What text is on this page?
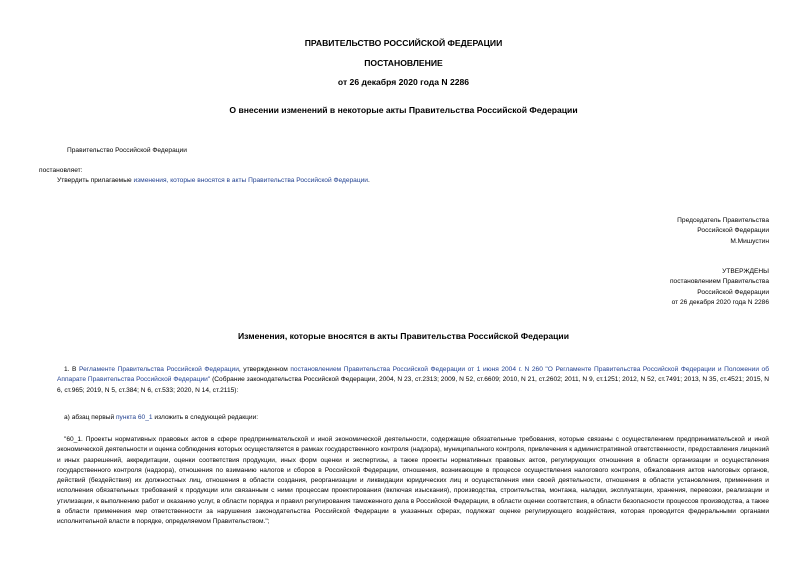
ПРАВИТЕЛЬСТВО РОССИЙСКОЙ ФЕДЕРАЦИИ
ПОСТАНОВЛЕНИЕ
от 26 декабря 2020 года N 2286
О внесении изменений в некоторые акты Правительства Российской Федерации
Правительство Российской Федерации
постановляет:
Утвердить прилагаемые изменения, которые вносятся в акты Правительства Российской Федерации.
Председатель Правительства
Российской Федерации
М.Мишустин
УТВЕРЖДЕНЫ
постановлением Правительства
Российской Федерации
от 26 декабря 2020 года N 2286
Изменения, которые вносятся в акты Правительства Российской Федерации
1. В Регламенте Правительства Российской Федерации, утвержденном постановлением Правительства Российской Федерации от 1 июня 2004 г. N 260 "О Регламенте Правительства Российской Федерации и Положении об Аппарате Правительства Российской Федерации" (Собрание законодательства Российской Федерации, 2004, N 23, ст.2313; 2009, N 52, ст.6609; 2010, N 21, ст.2602; 2011, N 9, ст.1251; 2012, N 52, ст.7491; 2013, N 35, ст.4521; 2015, N 6, ст.965; 2019, N 5, ст.384; N 6, ст.533; 2020, N 14, ст.2115):
а) абзац первый пункта 60_1 изложить в следующей редакции:
"60_1. Проекты нормативных правовых актов в сфере предпринимательской и иной экономической деятельности, содержащие обязательные требования, которые связаны с осуществлением предпринимательской и иной экономической деятельности и оценка соблюдения которых осуществляется в рамках государственного контроля (надзора), муниципального контроля, привлечения к административной ответственности, предоставления лицензий и иных разрешений, аккредитации, оценки соответствия продукции, иных форм оценки и экспертизы, а также проекты нормативных правовых актов, регулирующих отношения в области организации и осуществления государственного контроля (надзора), отношения по взиманию налогов и сборов в Российской Федерации, отношения, возникающие в процессе осуществления налогового контроля, обжалования актов налоговых органов, действий (бездействия) их должностных лиц, отношения в области создания, реорганизации и ликвидации юридических лиц и осуществления ими своей деятельности, отношения в области установления, применения и исполнения обязательных требований к продукции или связанным с ними процессам проектирования (включая изыскания), производства, строительства, монтажа, наладки, эксплуатации, хранения, перевозки, реализации и утилизации, к выполнению работ и оказанию услуг, в области порядка и правил регулирования таможенного дела в Российской Федерации, в области оценки соответствия, в области безопасности процессов производства, а также в области применения мер ответственности за нарушения законодательства Российской Федерации в указанных сферах, подлежат оценке регулирующего воздействия, которая проводится федеральными органами исполнительной власти в порядке, определяемом Правительством.";
